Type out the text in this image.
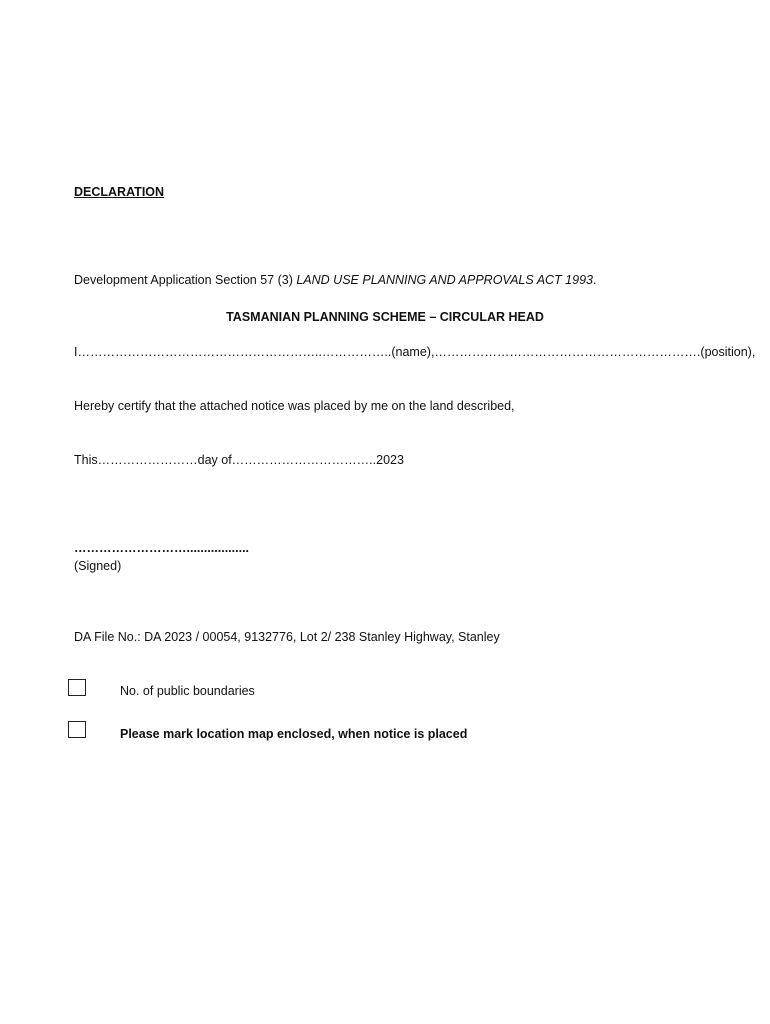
DECLARATION
Development Application Section 57 (3) LAND USE PLANNING AND APPROVALS ACT 1993.
TASMANIAN PLANNING SCHEME – CIRCULAR HEAD
I…………………………………………………..……………..(name),……………………………………………………….(position),
Hereby certify that the attached notice was placed by me on the land described,
This……………………day of……………………………..2023
………………………..................
(Signed)
DA File No.: DA 2023 / 00054, 9132776, Lot 2/ 238 Stanley Highway, Stanley
No. of public boundaries
Please mark location map enclosed, when notice is placed
